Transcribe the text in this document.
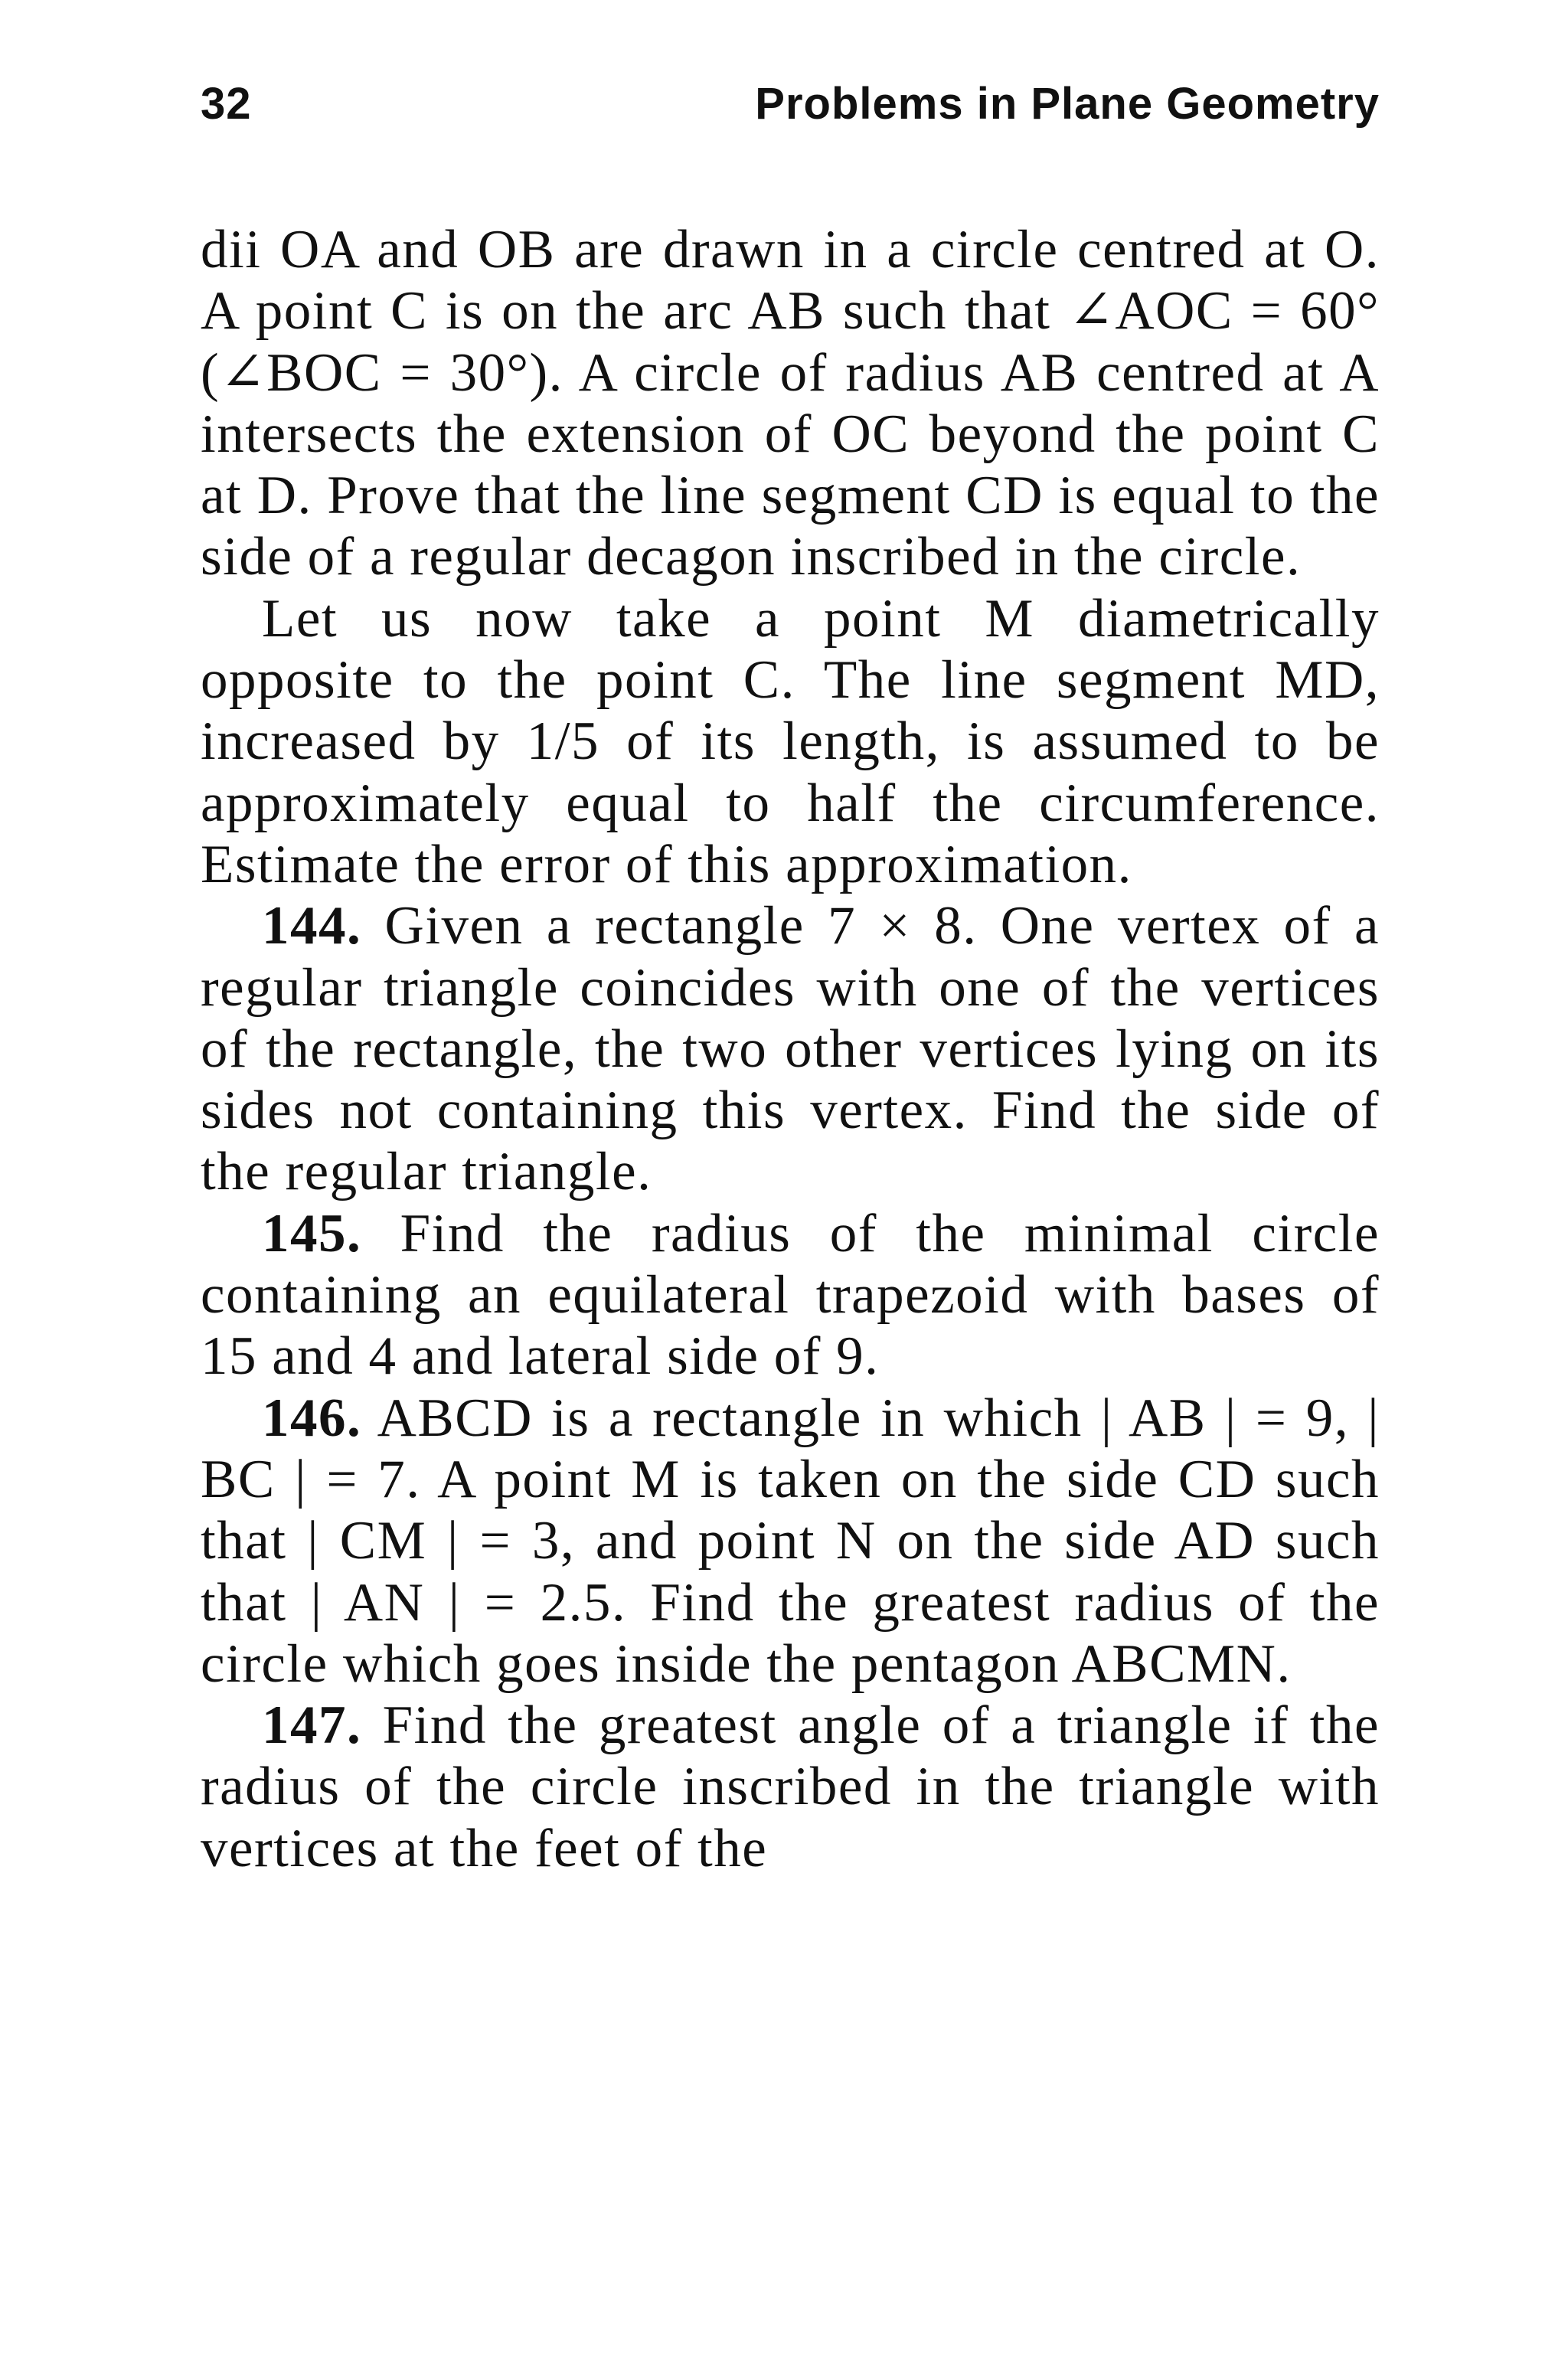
32	Problems in Plane Geometry

dii OA and OB are drawn in a circle centred at O. A point C is on the arc AB such that ∠AOC = 60° (∠BOC = 30°). A circle of radius AB centred at A intersects the extension of OC beyond the point C at D. Prove that the line segment CD is equal to the side of a regular decagon inscribed in the circle.

Let us now take a point M diametrically opposite to the point C. The line segment MD, increased by 1/5 of its length, is assumed to be approximately equal to half the circumference. Estimate the error of this approximation.

144. Given a rectangle 7 × 8. One vertex of a regular triangle coincides with one of the vertices of the rectangle, the two other vertices lying on its sides not containing this vertex. Find the side of the regular triangle.

145. Find the radius of the minimal circle containing an equilateral trapezoid with bases of 15 and 4 and lateral side of 9.

146. ABCD is a rectangle in which | AB | = 9, | BC | = 7. A point M is taken on the side CD such that | CM | = 3, and point N on the side AD such that | AN | = 2.5. Find the greatest radius of the circle which goes inside the pentagon ABCMN.

147. Find the greatest angle of a triangle if the radius of the circle inscribed in the triangle with vertices at the feet of the
